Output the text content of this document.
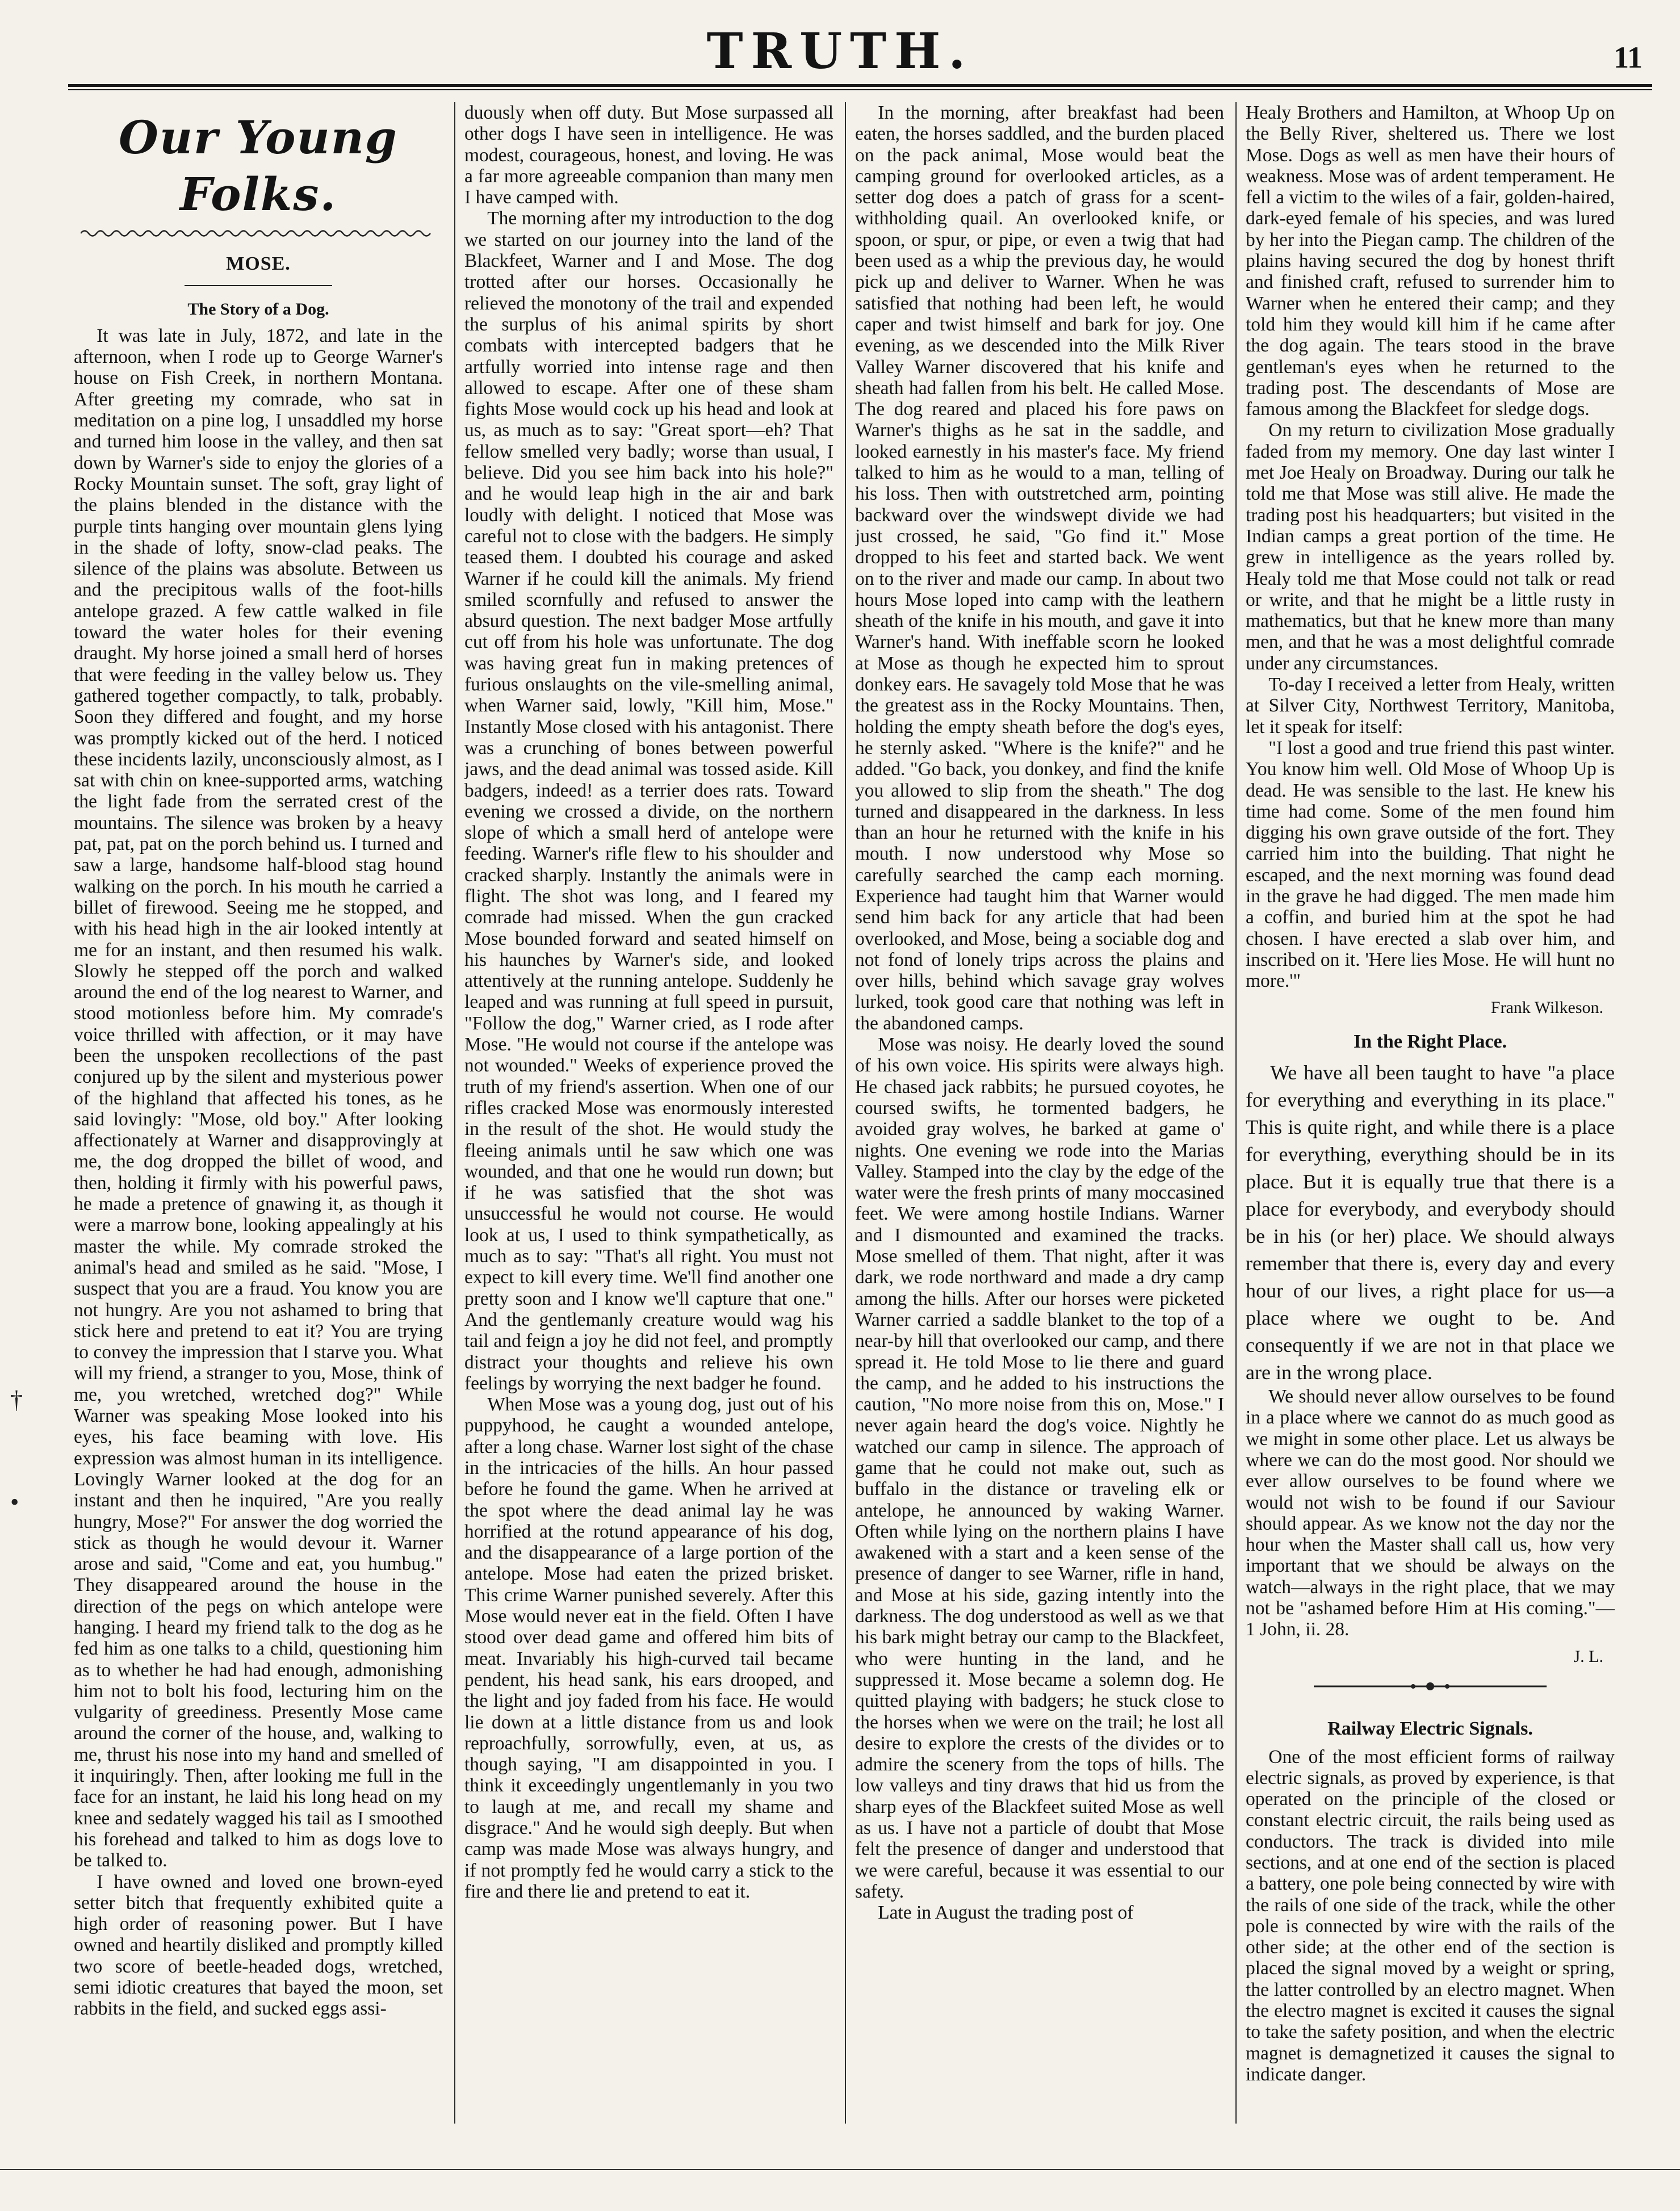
TRUTH.	11
Our Young Folks.
MOSE.
The Story of a Dog.

It was late in July, 1872, and late in the afternoon, when I rode up to George Warner's house on Fish Creek, in northern Montana. After greeting my comrade, who sat in meditation on a pine log, I unsaddled my horse and turned him loose in the valley, and then sat down by Warner's side to enjoy the glories of a Rocky Mountain sunset. The soft, gray light of the plains blended in the distance with the purple tints hanging over mountain glens lying in the shade of lofty, snow-clad peaks. The silence of the plains was absolute. Between us and the precipitous walls of the foot-hills antelope grazed. A few cattle walked in file toward the water holes for their evening draught. My horse joined a small herd of horses that were feeding in the valley below us. They gathered together compactly, to talk, probably. Soon they differed and fought, and my horse was promptly kicked out of the herd. I noticed these incidents lazily, unconsciously almost, as I sat with chin on knee-supported arms, watching the light fade from the serrated crest of the mountains. The silence was broken by a heavy pat, pat, pat on the porch behind us. I turned and saw a large, handsome half-blood stag hound walking on the porch. In his mouth he carried a billet of firewood. Seeing me he stopped, and with his head high in the air looked intently at me for an instant, and then resumed his walk. Slowly he stepped off the porch and walked around the end of the log nearest to Warner, and stood motionless before him. My comrade's voice thrilled with affection, or it may have been the unspoken recollections of the past conjured up by the silent and mysterious power of the highland that affected his tones, as he said lovingly: "Mose, old boy." After looking affectionately at Warner and disapprovingly at me, the dog dropped the billet of wood, and then, holding it firmly with his powerful paws, he made a pretence of gnawing it, as though it were a marrow bone, looking appealingly at his master the while. My comrade stroked the animal's head and smiled as he said. "Mose, I suspect that you are a fraud. You know you are not hungry. Are you not ashamed to bring that stick here and pretend to eat it? You are trying to convey the impression that I starve you. What will my friend, a stranger to you, Mose, think of me, you wretched, wretched dog?" While Warner was speaking Mose looked into his eyes, his face beaming with love. His expression was almost human in its intelligence. Lovingly Warner looked at the dog for an instant and then he inquired, "Are you really hungry, Mose?" For answer the dog worried the stick as though he would devour it. Warner arose and said, "Come and eat, you humbug." They disappeared around the house in the direction of the pegs on which antelope were hanging. I heard my friend talk to the dog as he fed him as one talks to a child, questioning him as to whether he had had enough, admonishing him not to bolt his food, lecturing him on the vulgarity of greediness. Presently Mose came around the corner of the house, and, walking to me, thrust his nose into my hand and smelled of it inquiringly. Then, after looking me full in the face for an instant, he laid his long head on my knee and sedately wagged his tail as I smoothed his forehead and talked to him as dogs love to be talked to.

I have owned and loved one brown-eyed setter bitch that frequently exhibited quite a high order of reasoning power. But I have owned and heartily disliked and promptly killed two score of beetle-headed dogs, wretched, semi idiotic creatures that bayed the moon, set rabbits in the field, and sucked eggs assi-

duously when off duty. But Mose surpassed all other dogs I have seen in intelligence. He was modest, courageous, honest, and loving. He was a far more agreeable companion than many men I have camped with.

The morning after my introduction to the dog we started on our journey into the land of the Blackfeet, Warner and I and Mose. The dog trotted after our horses. Occasionally he relieved the monotony of the trail and expended the surplus of his animal spirits by short combats with intercepted badgers that he artfully worried into intense rage and then allowed to escape. After one of these sham fights Mose would cock up his head and look at us, as much as to say: "Great sport—eh? That fellow smelled very badly; worse than usual, I believe. Did you see him back into his hole?" and he would leap high in the air and bark loudly with delight. I noticed that Mose was careful not to close with the badgers. He simply teased them. I doubted his courage and asked Warner if he could kill the animals. My friend smiled scornfully and refused to answer the absurd question. The next badger Mose artfully cut off from his hole was unfortunate. The dog was having great fun in making pretences of furious onslaughts on the vile-smelling animal, when Warner said, lowly, "Kill him, Mose." Instantly Mose closed with his antagonist. There was a crunching of bones between powerful jaws, and the dead animal was tossed aside. Kill badgers, indeed! as a terrier does rats. Toward evening we crossed a divide, on the northern slope of which a small herd of antelope were feeding. Warner's rifle flew to his shoulder and cracked sharply. Instantly the animals were in flight. The shot was long, and I feared my comrade had missed. When the gun cracked Mose bounded forward and seated himself on his haunches by Warner's side, and looked attentively at the running antelope. Suddenly he leaped and was running at full speed in pursuit, "Follow the dog," Warner cried, as I rode after Mose. "He would not course if the antelope was not wounded." Weeks of experience proved the truth of my friend's assertion. When one of our rifles cracked Mose was enormously interested in the result of the shot. He would study the fleeing animals until he saw which one was wounded, and that one he would run down; but if he was satisfied that the shot was unsuccessful he would not course. He would look at us, I used to think sympathetically, as much as to say: "That's all right. You must not expect to kill every time. We'll find another one pretty soon and I know we'll capture that one." And the gentlemanly creature would wag his tail and feign a joy he did not feel, and promptly distract your thoughts and relieve his own feelings by worrying the next badger he found.

When Mose was a young dog, just out of his puppyhood, he caught a wounded antelope, after a long chase. Warner lost sight of the chase in the intricacies of the hills. An hour passed before he found the game. When he arrived at the spot where the dead animal lay he was horrified at the rotund appearance of his dog, and the disappearance of a large portion of the antelope. Mose had eaten the prized brisket. This crime Warner punished severely. After this Mose would never eat in the field. Often I have stood over dead game and offered him bits of meat. Invariably his high-curved tail became pendent, his head sank, his ears drooped, and the light and joy faded from his face. He would lie down at a little distance from us and look reproachfully, sorrowfully, even, at us, as though saying, "I am disappointed in you. I think it exceedingly ungentlemanly in you two to laugh at me, and recall my shame and disgrace." And he would sigh deeply. But when camp was made Mose was always hungry, and if not promptly fed he would carry a stick to the fire and there lie and pretend to eat it.

In the morning, after breakfast had been eaten, the horses saddled, and the burden placed on the pack animal, Mose would beat the camping ground for overlooked articles, as a setter dog does a patch of grass for a scent-withholding quail. An overlooked knife, or spoon, or spur, or pipe, or even a twig that had been used as a whip the previous day, he would pick up and deliver to Warner. When he was satisfied that nothing had been left, he would caper and twist himself and bark for joy. One evening, as we descended into the Milk River Valley Warner discovered that his knife and sheath had fallen from his belt. He called Mose. The dog reared and placed his fore paws on Warner's thighs as he sat in the saddle, and looked earnestly in his master's face. My friend talked to him as he would to a man, telling of his loss. Then with outstretched arm, pointing backward over the windswept divide we had just crossed, he said, "Go find it." Mose dropped to his feet and started back. We went on to the river and made our camp. In about two hours Mose loped into camp with the leathern sheath of the knife in his mouth, and gave it into Warner's hand. With ineffable scorn he looked at Mose as though he expected him to sprout donkey ears. He savagely told Mose that he was the greatest ass in the Rocky Mountains. Then, holding the empty sheath before the dog's eyes, he sternly asked. "Where is the knife?" and he added. "Go back, you donkey, and find the knife you allowed to slip from the sheath." The dog turned and disappeared in the darkness. In less than an hour he returned with the knife in his mouth. I now understood why Mose so carefully searched the camp each morning. Experience had taught him that Warner would send him back for any article that had been overlooked, and Mose, being a sociable dog and not fond of lonely trips across the plains and over hills, behind which savage gray wolves lurked, took good care that nothing was left in the abandoned camps.

Mose was noisy. He dearly loved the sound of his own voice. His spirits were always high. He chased jack rabbits; he pursued coyotes, he coursed swifts, he tormented badgers, he avoided gray wolves, he barked at game o' nights. One evening we rode into the Marias Valley. Stamped into the clay by the edge of the water were the fresh prints of many moccasined feet. We were among hostile Indians. Warner and I dismounted and examined the tracks. Mose smelled of them. That night, after it was dark, we rode northward and made a dry camp among the hills. After our horses were picketed Warner carried a saddle blanket to the top of a near-by hill that overlooked our camp, and there spread it. He told Mose to lie there and guard the camp, and he added to his instructions the caution, "No more noise from this on, Mose." I never again heard the dog's voice. Nightly he watched our camp in silence. The approach of game that he could not make out, such as buffalo in the distance or traveling elk or antelope, he announced by waking Warner. Often while lying on the northern plains I have awakened with a start and a keen sense of the presence of danger to see Warner, rifle in hand, and Mose at his side, gazing intently into the darkness. The dog understood as well as we that his bark might betray our camp to the Blackfeet, who were hunting in the land, and he suppressed it. Mose became a solemn dog. He quitted playing with badgers; he stuck close to the horses when we were on the trail; he lost all desire to explore the crests of the divides or to admire the scenery from the tops of hills. The low valleys and tiny draws that hid us from the sharp eyes of the Blackfeet suited Mose as well as us. I have not a particle of doubt that Mose felt the presence of danger and understood that we were careful, because it was essential to our safety.

Late in August the trading post of

Healy Brothers and Hamilton, at Whoop Up on the Belly River, sheltered us. There we lost Mose. Dogs as well as men have their hours of weakness. Mose was of ardent temperament. He fell a victim to the wiles of a fair, golden-haired, dark-eyed female of his species, and was lured by her into the Piegan camp. The children of the plains having secured the dog by honest thrift and finished craft, refused to surrender him to Warner when he entered their camp; and they told him they would kill him if he came after the dog again. The tears stood in the brave gentleman's eyes when he returned to the trading post. The descendants of Mose are famous among the Blackfeet for sledge dogs.

On my return to civilization Mose gradually faded from my memory. One day last winter I met Joe Healy on Broadway. During our talk he told me that Mose was still alive. He made the trading post his headquarters; but visited in the Indian camps a great portion of the time. He grew in intelligence as the years rolled by. Healy told me that Mose could not talk or read or write, and that he might be a little rusty in mathematics, but that he knew more than many men, and that he was a most delightful comrade under any circumstances.

To-day I received a letter from Healy, written at Silver City, Northwest Territory, Manitoba, let it speak for itself:

"I lost a good and true friend this past winter. You know him well. Old Mose of Whoop Up is dead. He was sensible to the last. He knew his time had come. Some of the men found him digging his own grave outside of the fort. They carried him into the building. That night he escaped, and the next morning was found dead in the grave he had digged. The men made him a coffin, and buried him at the spot he had chosen. I have erected a slab over him, and inscribed on it. 'Here lies Mose. He will hunt no more.'"

Frank Wilkeson.
In the Right Place.

We have all been taught to have "a place for everything and everything in its place." This is quite right, and while there is a place for everything, everything should be in its place. But it is equally true that there is a place for everybody, and everybody should be in his (or her) place. We should always remember that there is, every day and every hour of our lives, a right place for us—a place where we ought to be. And consequently if we are not in that place we are in the wrong place.

We should never allow ourselves to be found in a place where we cannot do as much good as we might in some other place. Let us always be where we can do the most good. Nor should we ever allow ourselves to be found where we would not wish to be found if our Saviour should appear. As we know not the day nor the hour when the Master shall call us, how very important that we should be always on the watch—always in the right place, that we may not be "ashamed before Him at His coming."—1 John, ii. 28.

J. L.
Railway Electric Signals.

One of the most efficient forms of railway electric signals, as proved by experience, is that operated on the principle of the closed or constant electric circuit, the rails being used as conductors. The track is divided into mile sections, and at one end of the section is placed a battery, one pole being connected by wire with the rails of one side of the track, while the other pole is connected by wire with the rails of the other side; at the other end of the section is placed the signal moved by a weight or spring, the latter controlled by an electro magnet. When the electro magnet is excited it causes the signal to take the safety position, and when the electric magnet is demagnetized it causes the signal to indicate danger.

†
•
